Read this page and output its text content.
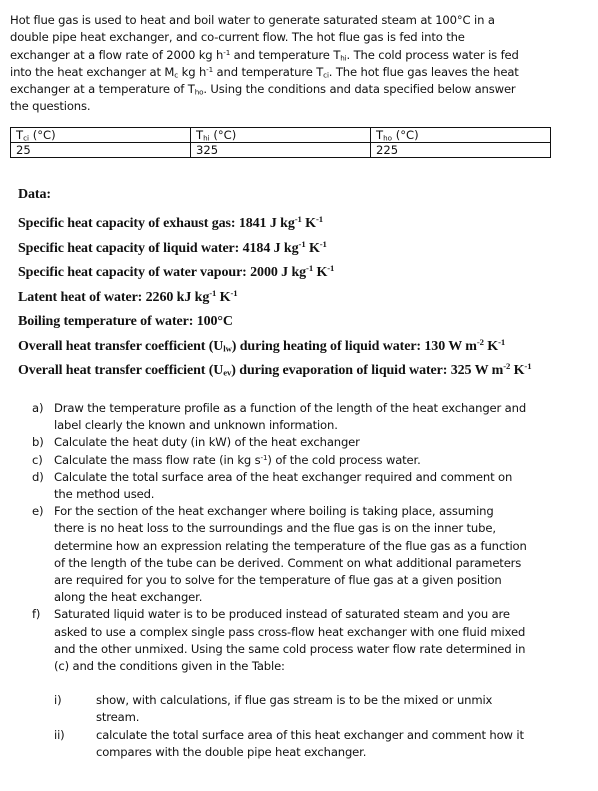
Hot flue gas is used to heat and boil water to generate saturated steam at 100°C in a
double pipe heat exchanger, and co-current flow. The hot flue gas is fed into the
exchanger at a flow rate of 2000 kg $h^{-1}$ and temperature $T_{hi}$. The cold process water is fed
into the heat exchanger at $M_c$ kg $h^{-1}$ and temperature $T_{ci}$. The hot flue gas leaves the heat
exchanger at a temperature of $T_{ho}$. Using the conditions and data specified below answer
the questions.
$T_{ci}$ (°C)	$T_{hi}$ (°C)	$T_{ho}$ (°C)
25	325	225
Data:
Specific heat capacity of exhaust gas: 1841 J $kg^{-1}$ $K^{-1}$
Specific heat capacity of liquid water: 4184 J $kg^{-1}$ $K^{-1}$
Specific heat capacity of water vapour: 2000 J $kg^{-1}$ $K^{-1}$
Latent heat of water: 2260 kJ $kg^{-1}$ $K^{-1}$
Boiling temperature of water: 100°C
Overall heat transfer coefficient $(U_{lw})$ during heating of liquid water: 130 W $m^{-2}$ $K^{-1}$
Overall heat transfer coefficient $(U_{ev})$ during evaporation of liquid water: 325 W $m^{-2}$ $K^{-1}$
a) Draw the temperature profile as a function of the length of the heat exchanger and
label clearly the known and unknown information.
b) Calculate the heat duty (in kW) of the heat exchanger
c) Calculate the mass flow rate (in kg $s^{-1}$) of the cold process water.
d) Calculate the total surface area of the heat exchanger required and comment on
the method used.
e) For the section of the heat exchanger where boiling is taking place, assuming
there is no heat loss to the surroundings and the flue gas is on the inner tube,
determine how an expression relating the temperature of the flue gas as a function
of the length of the tube can be derived. Comment on what additional parameters
are required for you to solve for the temperature of flue gas at a given position
along the heat exchanger.
f) Saturated liquid water is to be produced instead of saturated steam and you are
asked to use a complex single pass cross-flow heat exchanger with one fluid mixed
and the other unmixed. Using the same cold process water flow rate determined in
(c) and the conditions given in the Table:
i)	show, with calculations, if flue gas stream is to be the mixed or unmix
stream.
ii)	calculate the total surface area of this heat exchanger and comment how it
compares with the double pipe heat exchanger.
